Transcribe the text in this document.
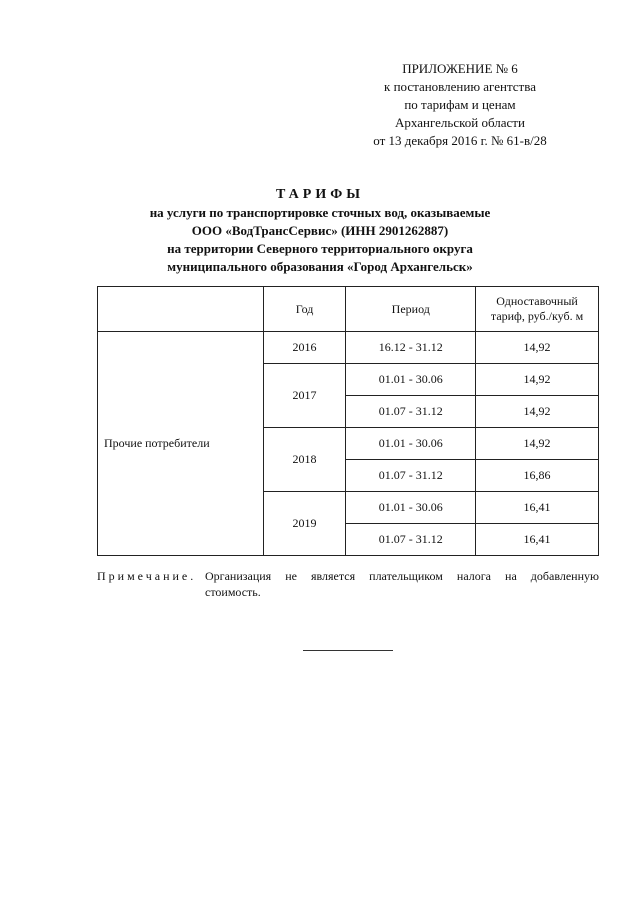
ПРИЛОЖЕНИЕ № 6
к постановлению агентства
по тарифам и ценам
Архангельской области
от 13 декабря 2016 г. № 61-в/28
ТАРИФЫ
на услуги по транспортировке сточных вод, оказываемые
ООО «ВодТрансСервис» (ИНН 2901262887)
на территории Северного территориального округа
муниципального образования «Город Архангельск»
	Год	Период	Одноставочный
тариф, руб./куб. м

Прочие потребители	2016	16.12 - 31.12	14,92
	2017	01.01 - 30.06	14,92
		01.07 - 31.12	14,92
	2018	01.01 - 30.06	14,92
		01.07 - 31.12	16,86
	2019	01.01 - 30.06	16,41
		01.07 - 31.12	16,41
Примечание. Организация не является плательщиком налога на добавленную
стоимость.
